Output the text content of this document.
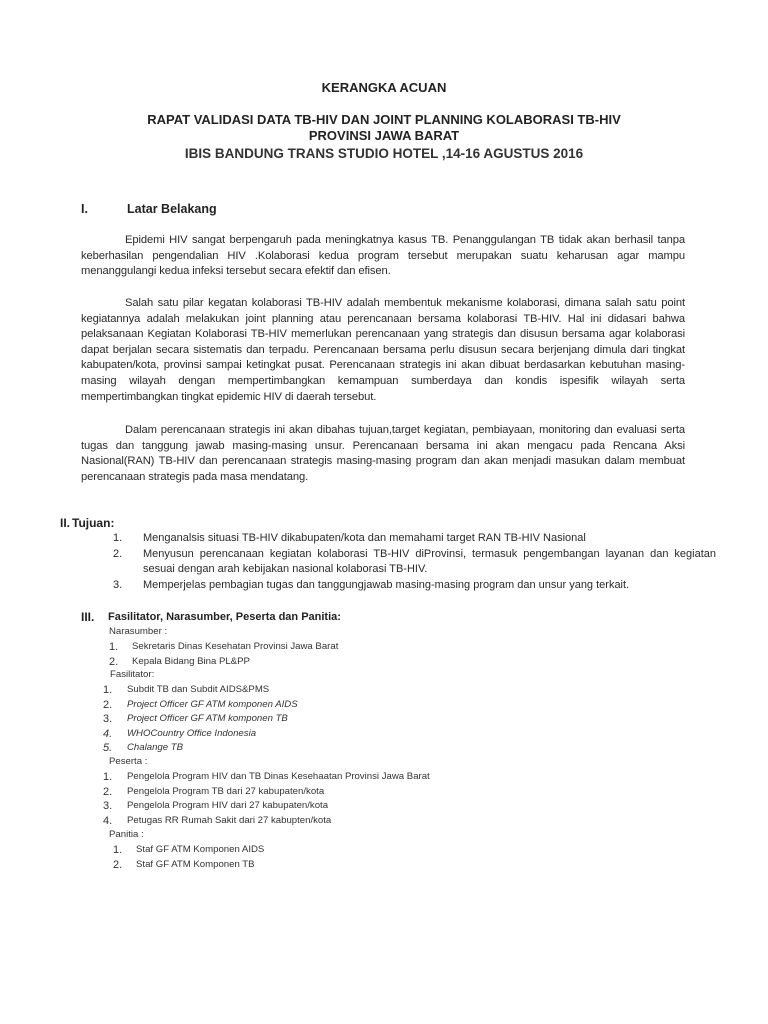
KERANGKA ACUAN
RAPAT VALIDASI DATA TB-HIV DAN JOINT PLANNING KOLABORASI TB-HIV
PROVINSI JAWA BARAT
IBIS BANDUNG TRANS STUDIO HOTEL ,14-16 AGUSTUS 2016
I.	Latar Belakang
Epidemi HIV sangat berpengaruh pada meningkatnya kasus TB. Penanggulangan TB tidak akan berhasil tanpa keberhasilan pengendalian HIV .Kolaborasi kedua program tersebut merupakan suatu keharusan agar mampu menanggulangi kedua infeksi tersebut secara efektif dan efisen.
Salah satu pilar kegatan kolaborasi TB-HIV adalah membentuk mekanisme kolaborasi, dimana salah satu point kegiatannya adalah melakukan joint planning atau perencanaan bersama kolaborasi TB-HIV. Hal ini didasari bahwa pelaksanaan Kegiatan Kolaborasi TB-HIV memerlukan perencanaan yang strategis dan disusun bersama agar kolaborasi dapat berjalan secara sistematis dan terpadu. Perencanaan bersama perlu disusun secara berjenjang dimula dari tingkat kabupaten/kota, provinsi sampai ketingkat pusat. Perencanaan strategis ini akan dibuat berdasarkan kebutuhan masing-masing wilayah dengan mempertimbangkan kemampuan sumberdaya dan kondis ispesifik wilayah serta mempertimbangkan tingkat epidemic HIV di daerah tersebut.
Dalam perencanaan strategis ini akan dibahas tujuan,target kegiatan, pembiayaan, monitoring dan evaluasi serta tugas dan tanggung jawab masing-masing unsur. Perencanaan bersama ini akan mengacu pada Rencana Aksi Nasional(RAN) TB-HIV dan perencanaan strategis masing-masing program dan akan menjadi masukan dalam membuat perencanaan strategis pada masa mendatang.
II. Tujuan:
1. Menganalsis situasi TB-HIV dikabupaten/kota dan memahami target RAN TB-HIV Nasional
2. Menyusun perencanaan kegiatan kolaborasi TB-HIV diProvinsi, termasuk pengembangan layanan dan kegiatan sesuai dengan arah kebijakan nasional kolaborasi TB-HIV.
3. Memperjelas pembagian tugas dan tanggungjawab masing-masing program dan unsur yang terkait.
III. Fasilitator, Narasumber, Peserta dan Panitia:
Narasumber :
1. Sekretaris Dinas Kesehatan Provinsi Jawa Barat
2. Kepala Bidang Bina PL&PP
Fasilitator:
1. Subdit TB dan Subdit AIDS&PMS
2. Project Officer GF ATM komponen AIDS
3. Project Officer GF ATM komponen TB
4. WHOCountry Office Indonesia
5. Chalange TB
Peserta :
1. Pengelola Program HIV dan TB Dinas Kesehaatan Provinsi Jawa Barat
2. Pengelola Program TB dari 27 kabupaten/kota
3. Pengelola Program HIV dari 27 kabupaten/kota
4. Petugas RR Rumah Sakit dari 27 kabupten/kota
Panitia :
1. Staf GF ATM Komponen AIDS
2. Staf GF ATM Komponen TB
